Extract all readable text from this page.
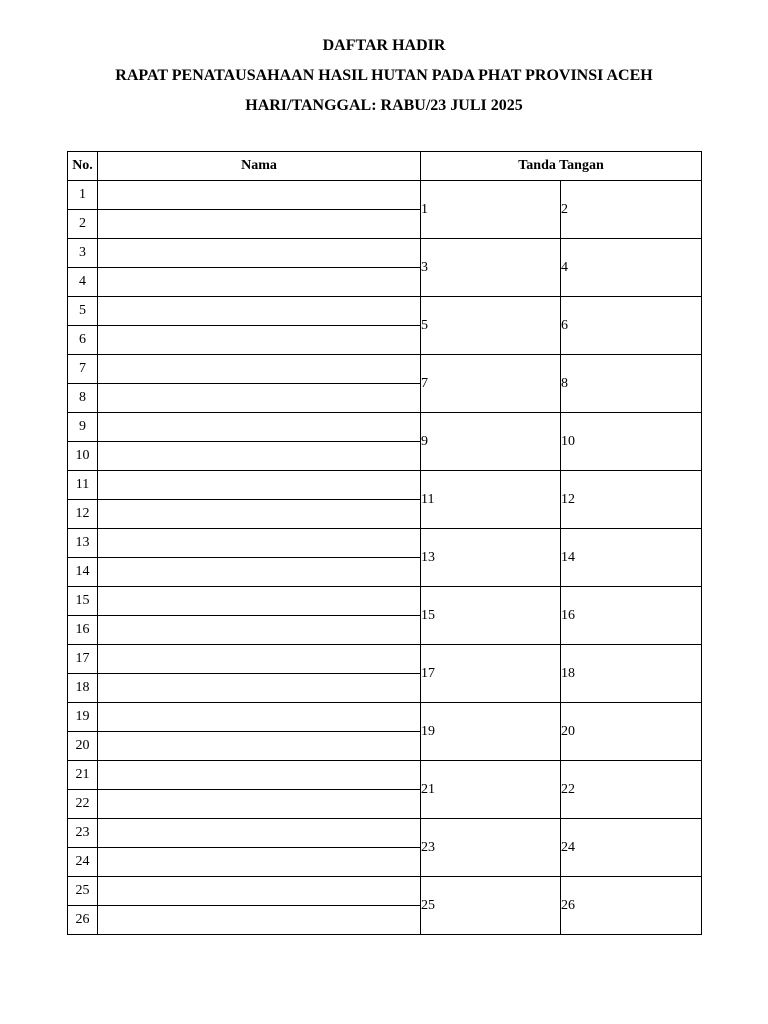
DAFTAR HADIR
RAPAT PENATAUSAHAAN HASIL HUTAN PADA PHAT PROVINSI ACEH
HARI/TANGGAL: RABU/23 JULI 2025
No.	Nama	Tanda Tangan	
1		1	2
2			
3		3	4
4			
5		5	6
6			
7		7	8
8			
9		9	10
10			
11		11	12
12			
13		13	14
14			
15		15	16
16			
17		17	18
18			
19		19	20
20			
21		21	22
22			
23		23	24
24			
25		25	26
26			
